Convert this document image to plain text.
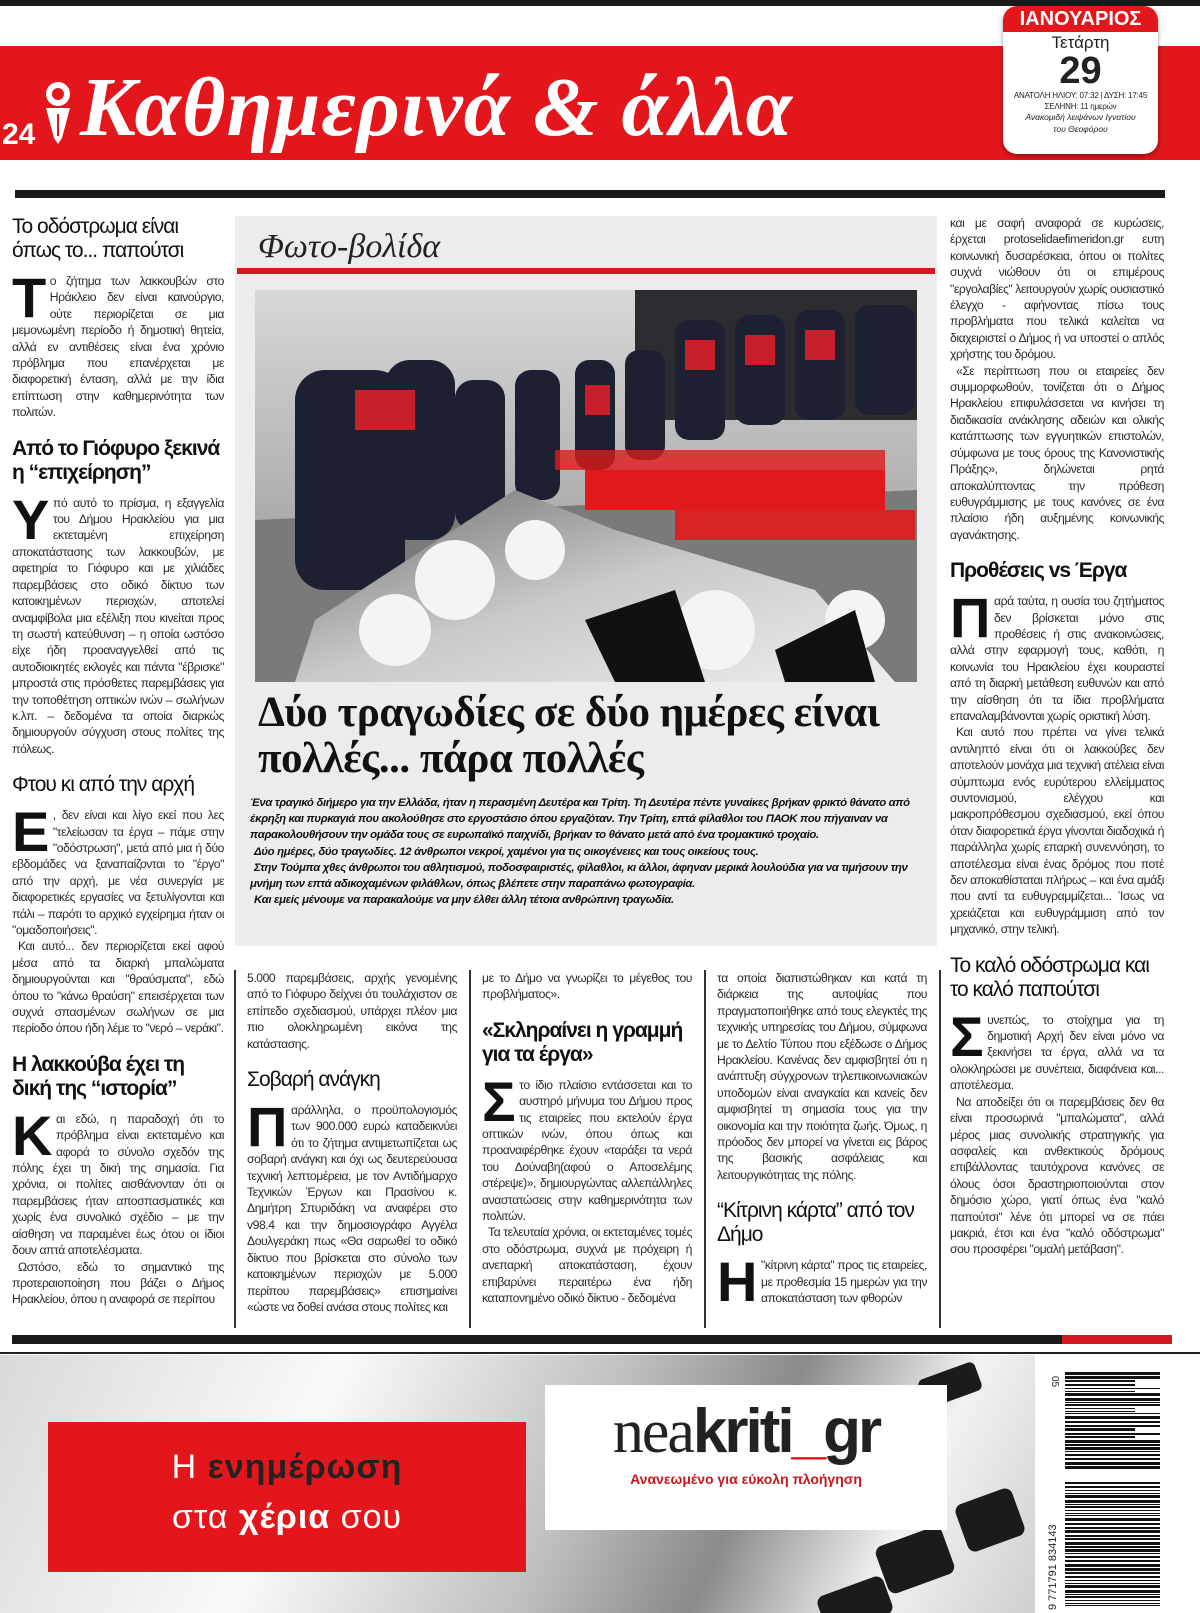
24 Καθημερινά & άλλα
ΙΑΝΟΥΑΡΙΟΣ
Τετάρτη
29
ΑΝΑΤΟΛΗ ΗΛΙΟΥ: 07:32 | ΔΥΣΗ: 17:45
ΣΕΛΗΝΗ: 11 ημερών
Ανακομιδή λειψάνων Ιγνατίου
του Θεοφόρου
Το οδόστρωμα είναι όπως το... παπούτσι

Το ζήτημα των λακκουβών στο Ηράκλειο δεν είναι καινούργιο, ούτε περιορίζεται σε μια μεμονωμένη περίοδο ή δημοτική θητεία, αλλά εν αντιθέσεις είναι ένα χρόνιο πρόβλημα που επανέρχεται με διαφορετική ένταση, αλλά με την ίδια επίπτωση στην καθημερινότητα των πολιτών.

Από το Γιόφυρο ξεκινά η “επιχείρηση”

Υπό αυτό το πρίσμα, η εξαγγελία του Δήμου Ηρακλείου για μια εκτεταμένη επιχείρηση αποκατάστασης των λακκουβών, με αφετηρία το Γιόφυρο και με χιλιάδες παρεμβάσεις στο οδικό δίκτυο των κατοικημένων περιοχών, αποτελεί αναμφίβολα μια εξέλιξη που κινείται προς τη σωστή κατεύθυνση – η οποία ωστόσο είχε ήδη προαναγγελθεί από τις αυτοδιοικητές εκλογές και πάντα "έβρισκε" μπροστά στις πρόσθετες παρεμβάσεις για την τοποθέτηση οπτικών ινών – σωλήνων κ.λπ. – δεδομένα τα οποία διαρκώς δημιουργούν σύγχυση στους πολίτες της πόλεως.

Φτου κι από την αρχή

Ε , δεν είναι και λίγο εκεί που λες "τελείωσαν τα έργα – πάμε στην "οδόστρωση", μετά από μια ή δύο εβδομάδες να ξαναπαίζονται το "έργο" από την αρχή, με νέα συνεργία με διαφορετικές εργασίες να ξετυλίγονται και πάλι – παρότι το αρχικό εγχείρημα ήταν οι "ομαδοποιήσεις".

Και αυτό... δεν περιορίζεται εκεί αφού μέσα από τα διαρκή μπαλώματα δημιουργούνται και "θραύσματα", εδώ όπου το "κάνω θραύση" επεισέρχεται των συχνά σπασμένων σωλήνων σε μια περίοδο όπου ήδη λέμε το "νερό – νεράκι".

Η λακκούβα έχει τη δική της “ιστορία”

Και εδώ, η παραδοχή ότι το πρόβλημα είναι εκτεταμένο και αφορά το σύνολο σχεδόν της πόλης έχει τη δική της σημασία. Για χρόνια, οι πολίτες αισθάνονταν ότι οι παρεμβάσεις ήταν αποσπασματικές και χωρίς ένα συνολικό σχέδιο – με την αίσθηση να παραμένει έως ότου οι ίδιοι δουν απτά αποτελέσματα.

Ωστόσο, εδώ το σημαντικό της προτεραιοποίηση που βάζει ο Δήμος Ηρακλείου, όπου η αναφορά σε περίπου

Φωτο-βολίδα
Δύο τραγωδίες σε δύο ημέρες είναι πολλές... πάρα πολλές

Ένα τραγικό διήμερο για την Ελλάδα, ήταν η περασμένη Δευτέρα και Τρίτη. Τη Δευτέρα πέντε γυναίκες βρήκαν φρικτό θάνατο από έκρηξη και πυρκαγιά που ακολούθησε στο εργοστάσιο όπου εργαζόταν. Την Τρίτη, επτά φίλαθλοι του ΠΑΟΚ που πήγαιναν να παρακολουθήσουν την ομάδα τους σε ευρωπαϊκό παιχνίδι, βρήκαν το θάνατο μετά από ένα τρομακτικό τροχαίο.

Δύο ημέρες, δύο τραγωδίες. 12 άνθρωποι νεκροί, χαμένοι για τις οικογένειες και τους οικείους τους.

Στην Τούμπα χθες άνθρωποι του αθλητισμού, ποδοσφαιριστές, φίλαθλοι, κι άλλοι, άφηναν μερικά λουλούδια για να τιμήσουν την μνήμη των επτά αδικοχαμένων φιλάθλων, όπως βλέπετε στην παραπάνω φωτογραφία.

Και εμείς μένουμε να παρακαλούμε να μην έλθει άλλη τέτοια ανθρώπινη τραγωδία.

5.000 παρεμβάσεις, αρχής γενομένης από το Γιόφυρο δείχνει ότι τουλάχιστον σε επίπεδο σχεδιασμού, υπάρχει πλέον μια πιο ολοκληρωμένη εικόνα της κατάστασης.

Σοβαρή ανάγκη

Παράλληλα, ο προϋπολογισμός των 900.000 ευρώ καταδεικνύει ότι το ζήτημα αντιμετωπίζεται ως σοβαρή ανάγκη και όχι ως δευτερεύουσα τεχνική λεπτομέρεια, με τον Αντιδήμαρχο Τεχνικών Έργων και Πρασίνου κ. Δημήτρη Σπυριδάκη να αναφέρει στο v98.4 και την δημοσιογράφο Αγγέλα Δουλγεράκη πως «Θα σαρωθεί το οδικό δίκτυο που βρίσκεται στο σύνολο των κατοικημένων περιοχών με 5.000 περίπου παρεμβάσεις» επισημαίνει «ώστε να δοθεί ανάσα στους πολίτες και

με το Δήμο να γνωρίζει το μέγεθος του προβλήματος».

«Σκληραίνει η γραμμή για τα έργα»

Στο ίδιο πλαίσιο εντάσσεται και το αυστηρό μήνυμα του Δήμου προς τις εταιρείες που εκτελούν έργα οπτικών ινών, όπου όπως και προαναφέρθηκε έχουν «ταράξει τα νερά του Δούναβη(αφού ο Αποσελέμης στέρεψε)», δημιουργώντας αλλεπάλληλες αναστατώσεις στην καθημερινότητα των πολιτών.

Τα τελευταία χρόνια, οι εκτεταμένες τομές στο οδόστρωμα, συχνά με πρόχειρη ή ανεπαρκή αποκατάσταση, έχουν επιβαρύνει περαιτέρω ένα ήδη καταπονημένο οδικό δίκτυο - δεδομένα

τα οποία διαπιστώθηκαν και κατά τη διάρκεια της αυτοψίας που πραγματοποιήθηκε από τους ελεγκτές της τεχνικής υπηρεσίας του Δήμου, σύμφωνα με το Δελτίο Τύπου που εξέδωσε ο Δήμος Ηρακλείου. Κανένας δεν αμφισβητεί ότι η ανάπτυξη σύγχρονων τηλεπικοινωνιακών υποδομών είναι αναγκαία και κανείς δεν αμφισβητεί τη σημασία τους για την οικονομία και την ποιότητα ζωής. Όμως, η πρόοδος δεν μπορεί να γίνεται εις βάρος της βασικής ασφάλειας και λειτουργικότητας της πόλης.

“Κίτρινη κάρτα” από τον Δήμο

Η "κίτρινη κάρτα" προς τις εταιρείες, με προθεσμία 15 ημερών για την αποκατάσταση των φθορών

και με σαφή αναφορά σε κυρώσεις, έρχεται protoselidaefimeridon.gr ευτη κοινωνική δυσαρέσκεια, όπου οι πολίτες συχνά νιώθουν ότι οι επιμέρους "εργολαβίες" λειτουργούν χωρίς ουσιαστικό έλεγχο - αφήνοντας πίσω τους προβλήματα που τελικά καλείται να διαχειριστεί ο Δήμος ή να υποστεί ο απλός χρήστης του δρόμου.

«Σε περίπτωση που οι εταιρείες δεν συμμορφωθούν, τονίζεται ότι ο Δήμος Ηρακλείου επιφυλάσσεται να κινήσει τη διαδικασία ανάκλησης αδειών και ολικής κατάπτωσης των εγγυητικών επιστολών, σύμφωνα με τους όρους της Κανονιστικής Πράξης», δηλώνεται ρητά αποκαλύπτοντας την πρόθεση ευθυγράμμισης με τους κανόνες σε ένα πλαίσιο ήδη αυξημένης κοινωνικής αγανάκτησης.

Προθέσεις vs Έργα

Παρά ταύτα, η ουσία του ζητήματος δεν βρίσκεται μόνο στις προθέσεις ή στις ανακοινώσεις, αλλά στην εφαρμογή τους, καθότι, η κοινωνία του Ηρακλείου έχει κουραστεί από τη διαρκή μετάθεση ευθυνών και από την αίσθηση ότι τα ίδια προβλήματα επαναλαμβάνονται χωρίς οριστική λύση.

Και αυτό που πρέπει να γίνει τελικά αντιληπτό είναι ότι οι λακκούβες δεν αποτελούν μονάχα μια τεχνική ατέλεια είναι σύμπτωμα ενός ευρύτερου ελλείμματος συντονισμού, ελέγχου και μακροπρόθεσμου σχεδιασμού, εκεί όπου όταν διαφορετικά έργα γίνονται διαδοχικά ή παράλληλα χωρίς επαρκή συνεννόηση, το αποτέλεσμα είναι ένας δρόμος που ποτέ δεν αποκαθίσταται πλήρως – και ένα αμάξι που αντί τα ευθυγραμμίζεται... Ίσως να χρειάζεται και ευθυγράμμιση από τον μηχανικό, στην τελική.

Το καλό οδόστρωμα και το καλό παπούτσι

Συνεπώς, το στοίχημα για τη δημοτική Αρχή δεν είναι μόνο να ξεκινήσει τα έργα, αλλά να τα ολοκληρώσει με συνέπεια, διαφάνεια και... αποτέλεσμα.

Να αποδείξει ότι οι παρεμβάσεις δεν θα είναι προσωρινά "μπαλώματα", αλλά μέρος μιας συνολικής στρατηγικής για ασφαλείς και ανθεκτικούς δρόμους επιβάλλοντας ταυτόχρονα κανόνες σε όλους όσοι δραστηριοποιούνται στον δημόσιο χώρο, γιατί όπως ένα "καλό παπούτσι" λένε ότι μπορεί να σε πάει μακριά, έτσι και ένα "καλό οδόστρωμα" σου προσφέρει "ομαλή μετάβαση".

Η ενημέρωση
στα χέρια σου
neakriti_gr
Ανανεωμένο για εύκολη πλοήγηση
9 771791 834143
05
